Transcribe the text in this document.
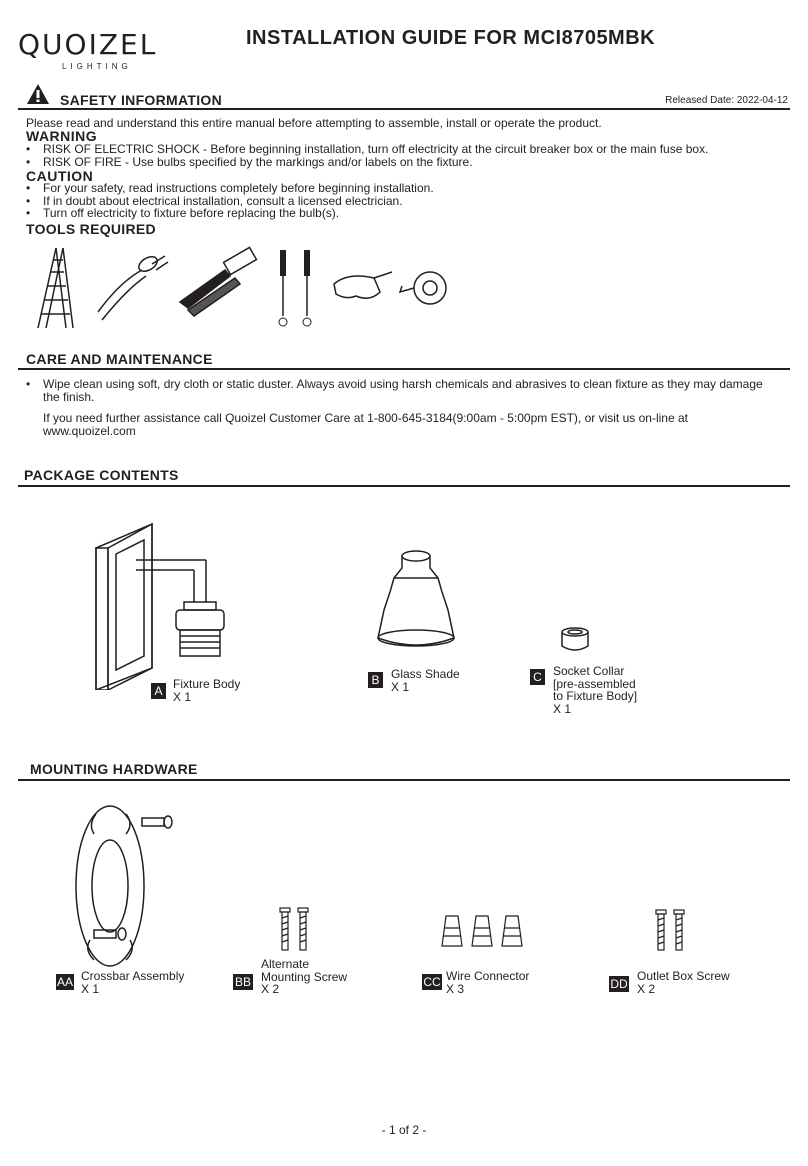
QUOIZEL
LIGHTING
INSTALLATION GUIDE FOR MCI8705MBK
SAFETY INFORMATION	Released Date: 2022-04-12
Please read and understand this entire manual before attempting to assemble, install or operate the product.
WARNING
• RISK OF ELECTRIC SHOCK - Before beginning installation, turn off electricity at the circuit breaker box or the main fuse box.
• RISK OF FIRE - Use bulbs specified by the markings and/or labels on the fixture.
CAUTION
• For your safety, read instructions completely before beginning installation.
• If in doubt about electrical installation, consult a licensed electrician.
• Turn off electricity to fixture before replacing the bulb(s).
TOOLS REQUIRED
CARE AND MAINTENANCE
• Wipe clean using soft, dry cloth or static duster. Always avoid using harsh chemicals and abrasives to clean fixture as they may damage
the finish.
If you need further assistance call Quoizel Customer Care at 1-800-645-3184(9:00am - 5:00pm EST), or visit us on-line at
www.quoizel.com
PACKAGE CONTENTS
A Fixture Body
X 1
B Glass Shade
X 1
C Socket Collar
[pre-assembled
to Fixture Body]
X 1
MOUNTING HARDWARE
AA Crossbar Assembly
X 1	BB
Alternate
Mounting Screw
X 2	CC Wire Connector
X 3	DD
Outlet Box Screw
X 2
- 1 of 2 -
